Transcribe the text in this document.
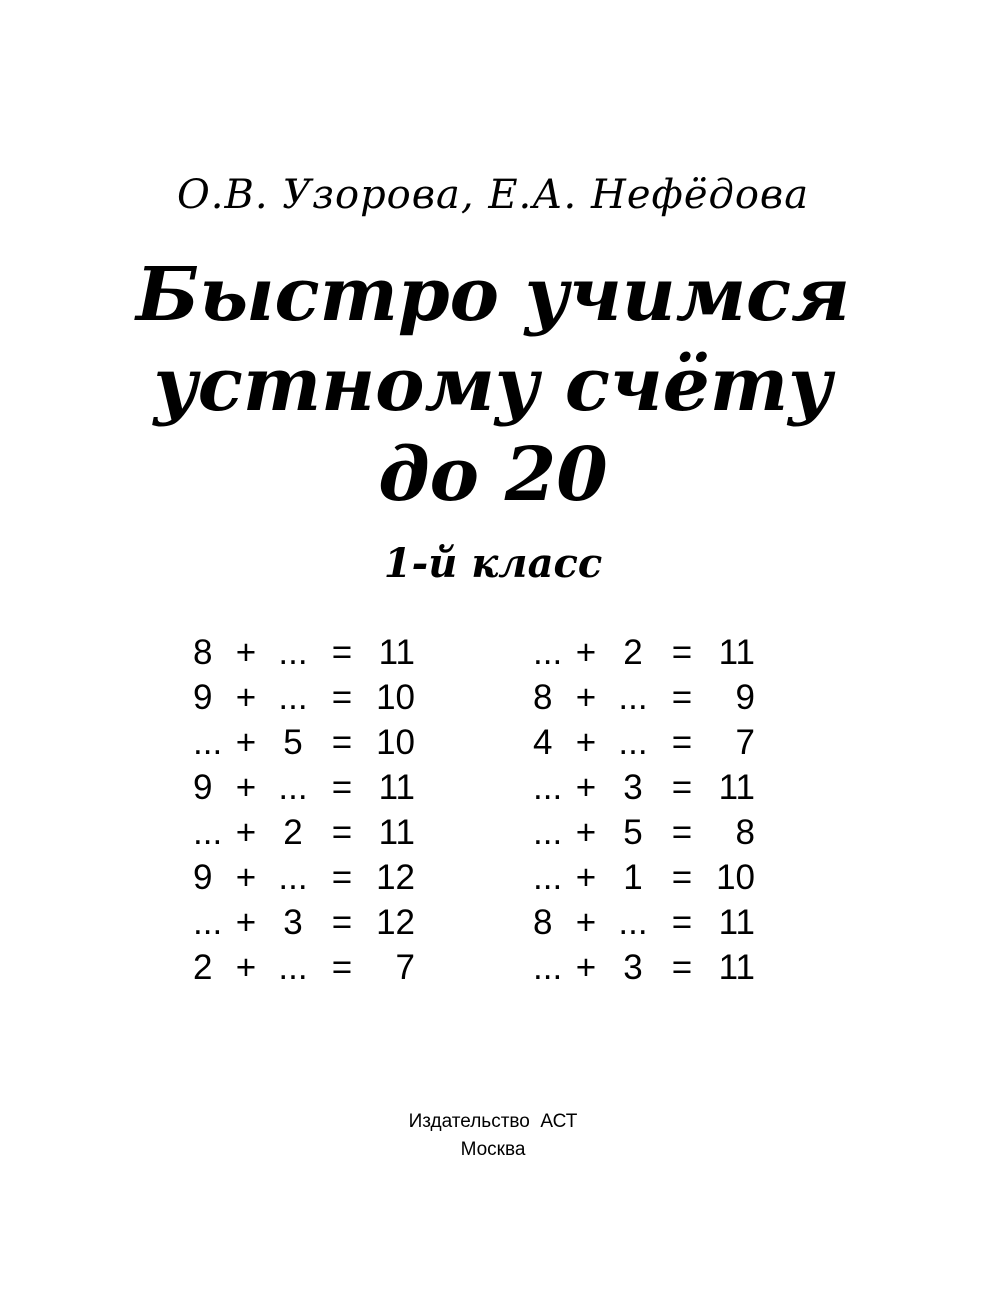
О.В. Узорова, Е.А. Нефёдова
Быстро учимся
устному счёту
до 20
1-й класс
8 + ... = 11
9 + ... = 10
... + 5 = 10
9 + ... = 11
... + 2 = 11
9 + ... = 12
... + 3 = 12
2 + ... =	7
... + 2 = 11
8 + ... =	9
4 + ... =	7
... + 3 = 11
... + 5 =	8
... + 1 = 10
8 + ... = 11
... + 3 = 11
Издательство  АСТ
Москва
